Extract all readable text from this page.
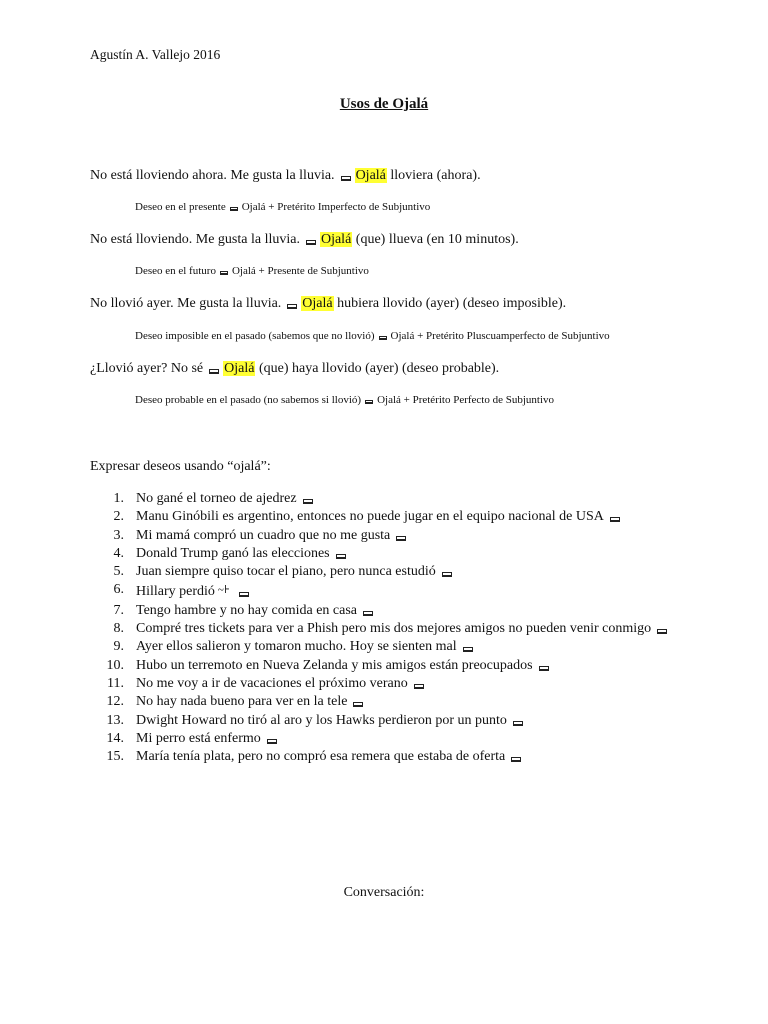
Agustín A. Vallejo 2016
Usos de Ojalá
No está lloviendo ahora. Me gusta la lluvia. Ojalá lloviera (ahora).
Deseo en el presente Ojalá + Pretérito Imperfecto de Subjuntivo
No está lloviendo. Me gusta la lluvia. Ojalá (que) llueva (en 10 minutos).
Deseo en el futuro Ojalá + Presente de Subjuntivo
No llovió ayer. Me gusta la lluvia. Ojalá hubiera llovido (ayer) (deseo imposible).
Deseo imposible en el pasado (sabemos que no llovió) Ojalá + Pretérito Pluscuamperfecto de Subjuntivo
¿Llovió ayer? No sé Ojalá (que) haya llovido (ayer) (deseo probable).
Deseo probable en el pasado (no sabemos si llovió) Ojalá + Pretérito Perfecto de Subjuntivo
Expresar deseos usando “ojalá”:
1. No gané el torneo de ajedrez
2. Manu Ginóbili es argentino, entonces no puede jugar en el equipo nacional de USA
3. Mi mamá compró un cuadro que no me gusta
4. Donald Trump ganó las elecciones
5. Juan siempre quiso tocar el piano, pero nunca estudió
6. Hillary perdió ~⊦
7. Tengo hambre y no hay comida en casa
8. Compré tres tickets para ver a Phish pero mis dos mejores amigos no pueden venir conmigo
9. Ayer ellos salieron y tomaron mucho. Hoy se sienten mal
10. Hubo un terremoto en Nueva Zelanda y mis amigos están preocupados
11. No me voy a ir de vacaciones el próximo verano
12. No hay nada bueno para ver en la tele
13. Dwight Howard no tiró al aro y los Hawks perdieron por un punto
14. Mi perro está enfermo
15. María tenía plata, pero no compró esa remera que estaba de oferta
Conversación:
